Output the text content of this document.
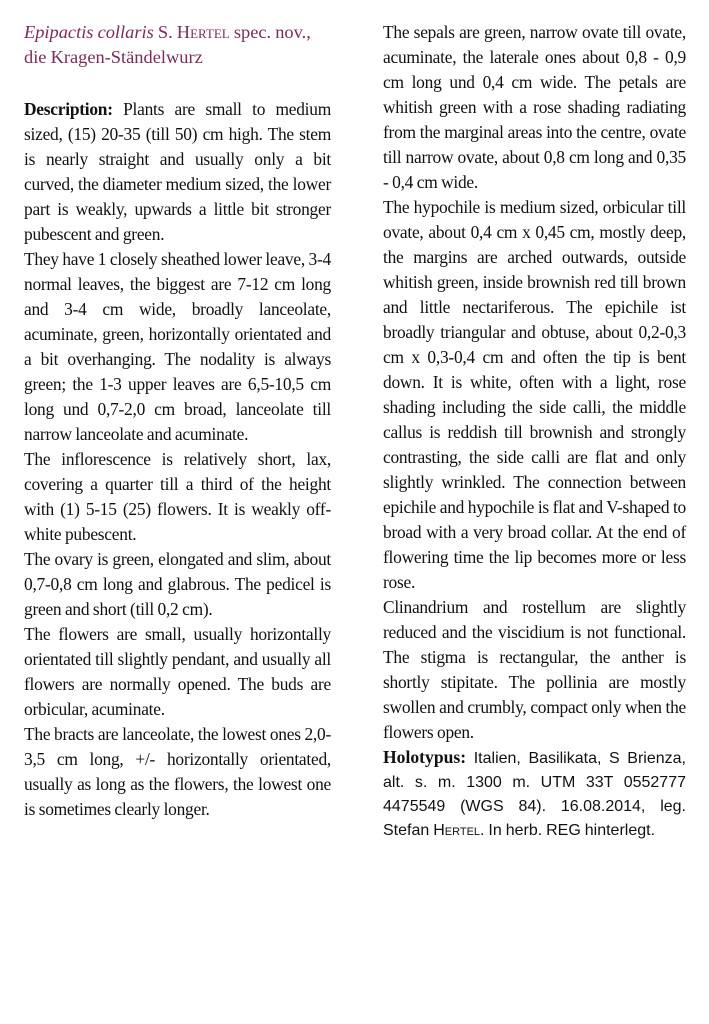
Epipactis collaris S. Hertel spec. nov., die Kragen-Ständelwurz

Description: Plants are small to medium sized, (15) 20-35 (till 50) cm high. The stem is nearly straight and usually only a bit curved, the diameter medium sized, the lower part is weakly, upwards a little bit stronger pubescent and green.

They have 1 closely sheathed lower leave, 3-4 normal leaves, the biggest are 7-12 cm long and 3-4 cm wide, broadly lanceolate, acuminate, green, horizontally orientated and a bit overhanging. The nodality is always green; the 1-3 upper leaves are 6,5-10,5 cm long und 0,7-2,0 cm broad, lanceolate till narrow lanceolate and acuminate.

The inflorescence is relatively short, lax, covering a quarter till a third of the height with (1) 5-15 (25) flowers. It is weakly off-white pubescent.

The ovary is green, elongated and slim, about 0,7-0,8 cm long and glabrous. The pedicel is green and short (till 0,2 cm).

The flowers are small, usually horizontally orientated till slightly pendant, and usually all flowers are normally opened. The buds are orbicular, acuminate.

The bracts are lanceolate, the lowest ones 2,0-3,5 cm long, +/- horizontally orientated, usually as long as the flowers, the lowest one is sometimes clearly longer.

The sepals are green, narrow ovate till ovate, acuminate, the laterale ones about 0,8 - 0,9 cm long und 0,4 cm wide. The petals are whitish green with a rose shading radiating from the marginal areas into the centre, ovate till narrow ovate, about 0,8 cm long and 0,35 - 0,4 cm wide.

The hypochile is medium sized, orbicular till ovate, about 0,4 cm x 0,45 cm, mostly deep, the margins are arched outwards, outside whitish green, inside brownish red till brown and little nectariferous. The epichile ist broadly triangular and obtuse, about 0,2-0,3 cm x 0,3-0,4 cm and often the tip is bent down. It is white, often with a light, rose shading including the side calli, the middle callus is reddish till brownish and strongly contrasting, the side calli are flat and only slightly wrinkled. The connection between epichile and hypochile is flat and V-shaped to broad with a very broad collar. At the end of flowering time the lip becomes more or less rose.

Clinandrium and rostellum are slightly reduced and the viscidium is not functional. The stigma is rectangular, the anther is shortly stipitate. The pollinia are mostly swollen and crumbly, compact only when the flowers open.

Holotypus: Italien, Basilikata, S Brienza, alt. s. m. 1300 m. UTM 33T 0552777 4475549 (WGS 84). 16.08.2014, leg. Stefan Hertel. In herb. REG hinterlegt.
